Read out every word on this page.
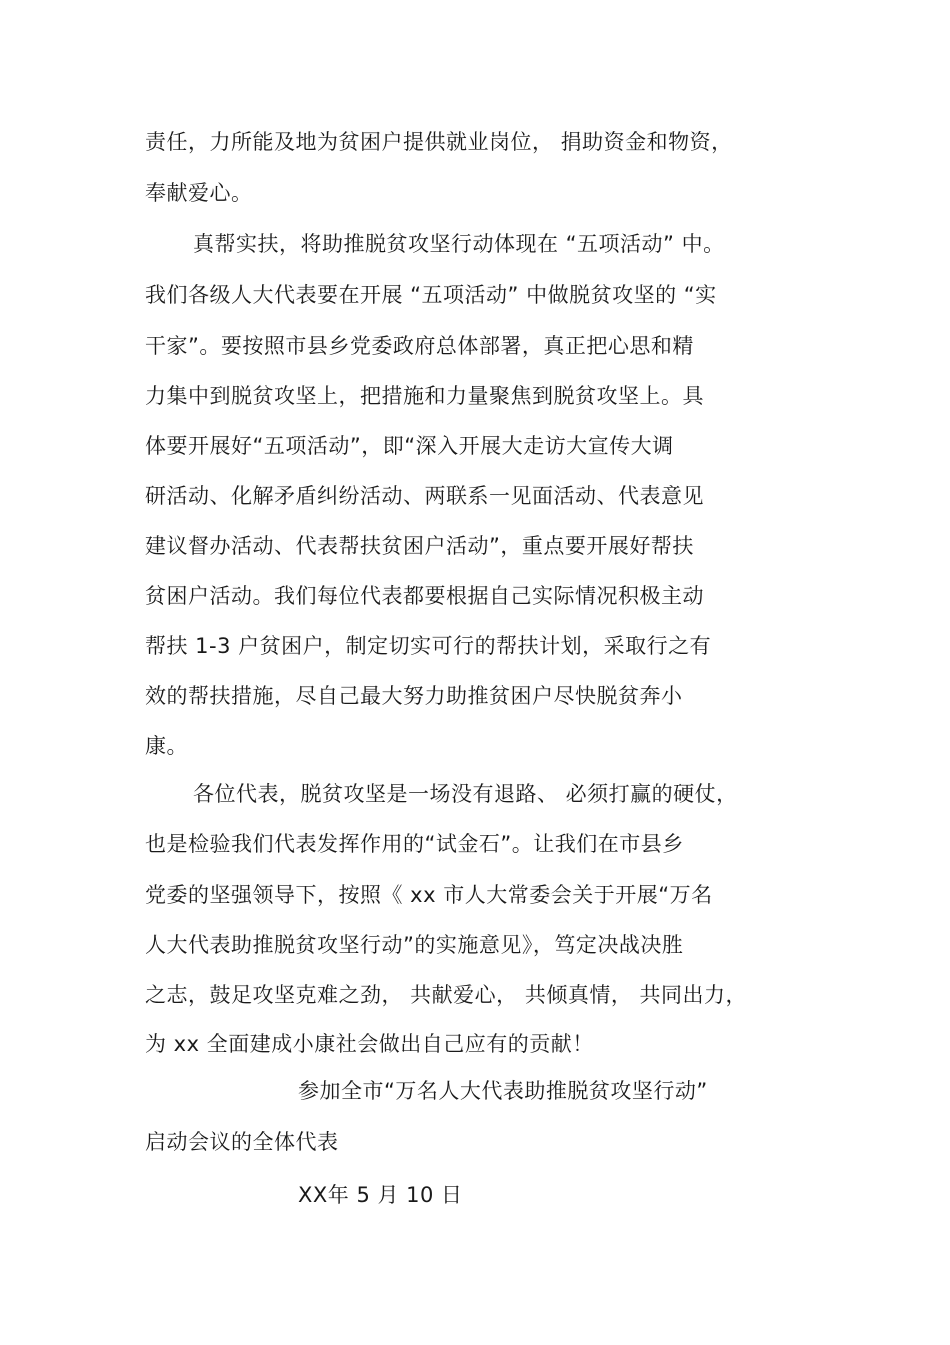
责任，力所能及地为贫困户提供就业岗位， 捐助资金和物资，
奉献爱心。
真帮实扶，将助推脱贫攻坚行动体现在 “五项活动” 中。
我们各级人大代表要在开展 “五项活动” 中做脱贫攻坚的 “实
干家”。要按照市县乡党委政府总体部署，真正把心思和精
力集中到脱贫攻坚上，把措施和力量聚焦到脱贫攻坚上。具
体要开展好“五项活动”，即“深入开展大走访大宣传大调
研活动、化解矛盾纠纷活动、两联系一见面活动、代表意见
建议督办活动、代表帮扶贫困户活动”，重点要开展好帮扶
贫困户活动。我们每位代表都要根据自己实际情况积极主动
帮扶 1-3 户贫困户，制定切实可行的帮扶计划，采取行之有
效的帮扶措施，尽自己最大努力助推贫困户尽快脱贫奔小
康。
各位代表，脱贫攻坚是一场没有退路、 必须打赢的硬仗，
也是检验我们代表发挥作用的“试金石”。让我们在市县乡
党委的坚强领导下，按照《 xx 市人大常委会关于开展“万名
人大代表助推脱贫攻坚行动”的实施意见》，笃定决战决胜
之志，鼓足攻坚克难之劲， 共献爱心， 共倾真情， 共同出力，
为 xx 全面建成小康社会做出自己应有的贡献！
参加全市“万名人大代表助推脱贫攻坚行动”
启动会议的全体代表
XX年 5 月 10 日
